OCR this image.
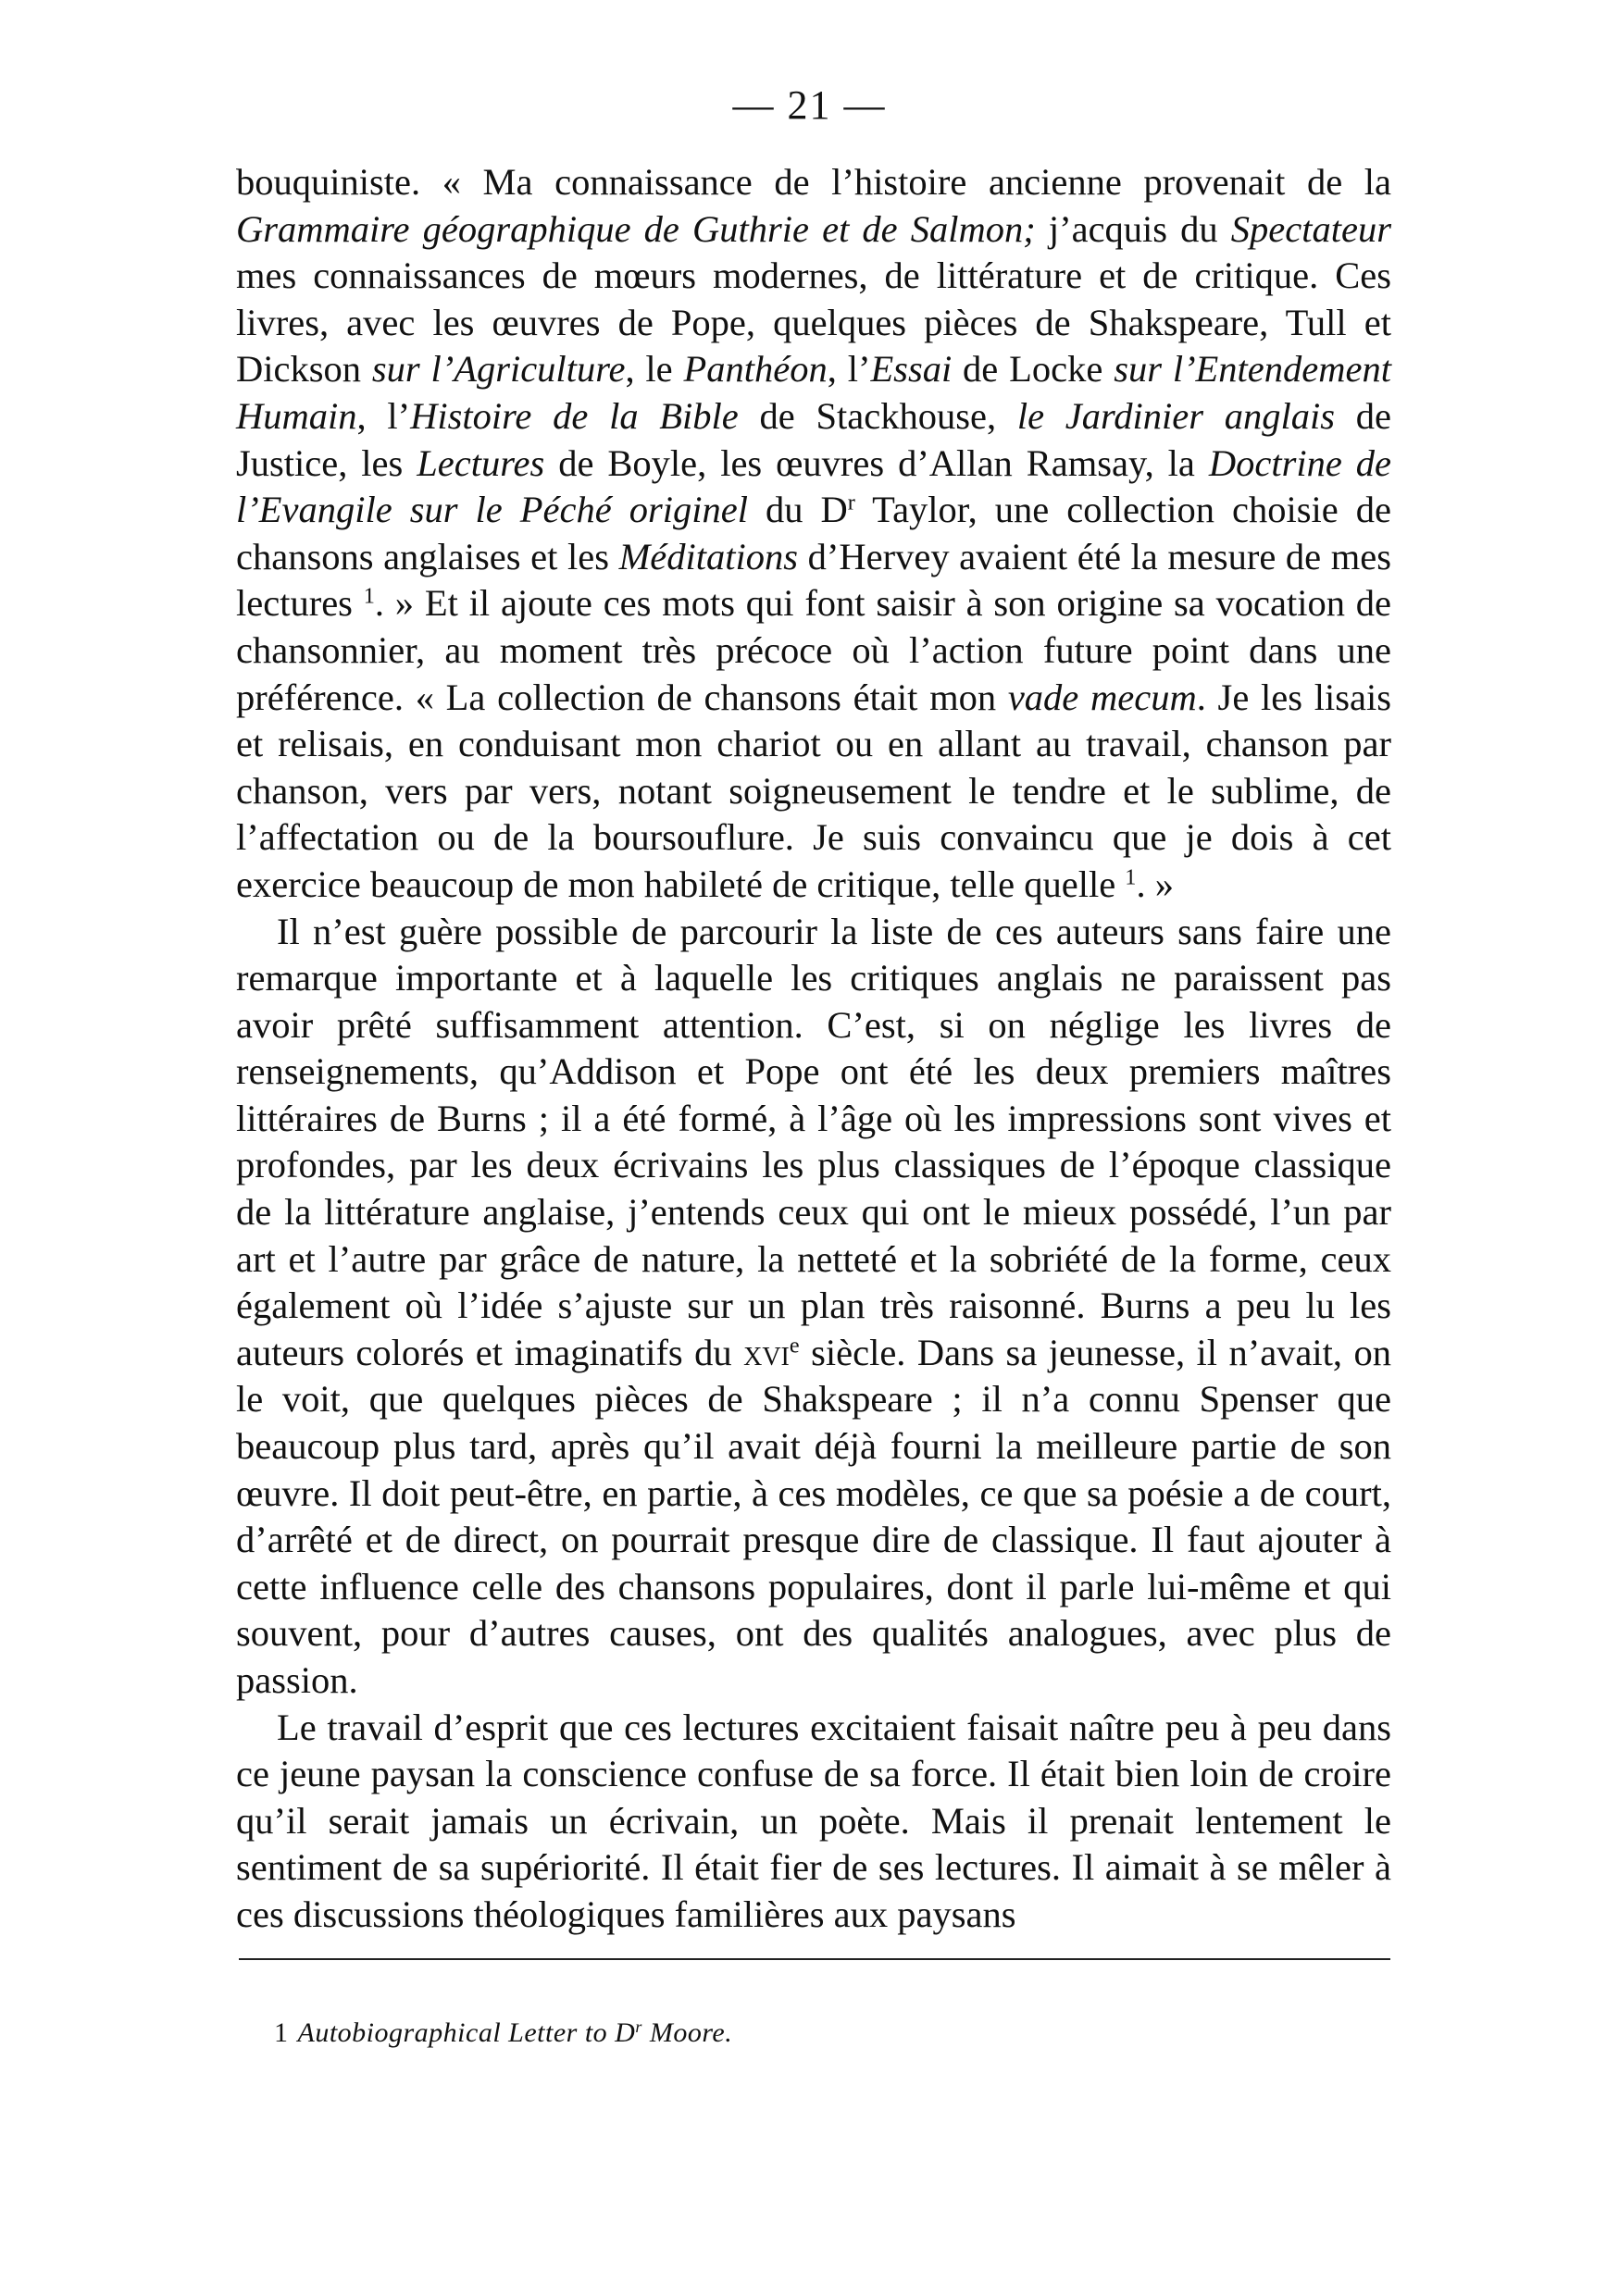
— 21 —

bouquiniste. « Ma connaissance de l’histoire ancienne provenait de la Grammaire géographique de Guthrie et de Salmon; j’acquis du Spectateur mes connaissances de mœurs modernes, de littérature et de critique. Ces livres, avec les œuvres de Pope, quelques pièces de Shakspeare, Tull et Dickson sur l’Agriculture, le Panthéon, l’Essai de Locke sur l’Entendement Humain, l’Histoire de la Bible de Stackhouse, le Jardinier anglais de Justice, les Lectures de Boyle, les œuvres d’Allan Ramsay, la Doctrine de l’Evangile sur le Péché originel du $D^r$ Taylor, une collection choisie de chansons anglaises et les Méditations d’Hervey avaient été la mesure de mes lectures $^1$. » Et il ajoute ces mots qui font saisir à son origine sa vocation de chansonnier, au moment très précoce où l’action future point dans une préférence. « La collection de chansons était mon vade mecum. Je les lisais et relisais, en conduisant mon chariot ou en allant au travail, chanson par chanson, vers par vers, notant soigneusement le tendre et le sublime, de l’affectation ou de la boursouflure. Je suis convaincu que je dois à cet exercice beaucoup de mon habileté de critique, telle quelle $^1$. »

Il n’est guère possible de parcourir la liste de ces auteurs sans faire une remarque importante et à laquelle les critiques anglais ne paraissent pas avoir prêté suffisamment attention. C’est, si on néglige les livres de renseignements, qu’Addison et Pope ont été les deux premiers maîtres littéraires de Burns ; il a été formé, à l’âge où les impressions sont vives et profondes, par les deux écrivains les plus classiques de l’époque classique de la littérature anglaise, j’entends ceux qui ont le mieux possédé, l’un par art et l’autre par grâce de nature, la netteté et la sobriété de la forme, ceux également où l’idée s’ajuste sur un plan très raisonné. Burns a peu lu les auteurs colorés et imaginatifs du xvi$^e$ siècle. Dans sa jeunesse, il n’avait, on le voit, que quelques pièces de Shakspeare ; il n’a connu Spenser que beaucoup plus tard, après qu’il avait déjà fourni la meilleure partie de son œuvre. Il doit peut-être, en partie, à ces modèles, ce que sa poésie a de court, d’arrêté et de direct, on pourrait presque dire de classique. Il faut ajouter à cette influence celle des chansons populaires, dont il parle lui-même et qui souvent, pour d’autres causes, ont des qualités analogues, avec plus de passion.

Le travail d’esprit que ces lectures excitaient faisait naître peu à peu dans ce jeune paysan la conscience confuse de sa force. Il était bien loin de croire qu’il serait jamais un écrivain, un poète. Mais il prenait lentement le sentiment de sa supériorité. Il était fier de ses lectures. Il aimait à se mêler à ces discussions théologiques familières aux paysans

1 Autobiographical Letter to $D^r$ Moore.
